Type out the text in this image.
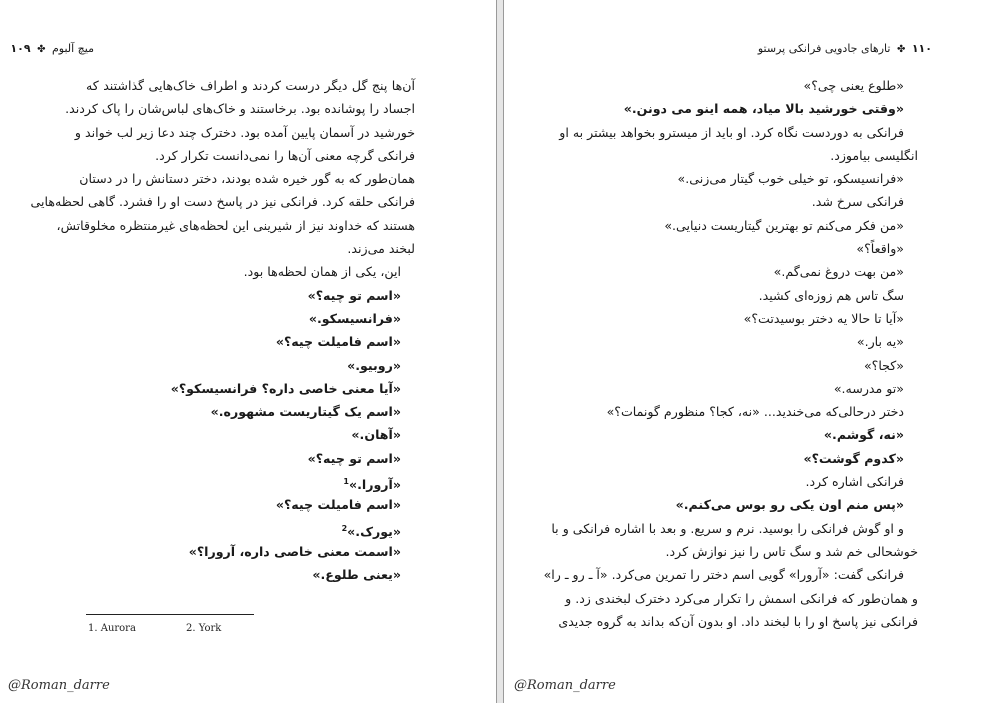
میچ آلبوم ✤ ۱۰۹
آن‌ها پنج گل دیگر درست کردند و اطراف خاک‌هایی گذاشتند که
اجساد را پوشانده بود. برخاستند و خاک‌های لباس‌شان را پاک کردند.
خورشید در آسمان پایین آمده بود. دخترک چند دعا زیر لب خواند و
فرانکی گرچه معنی آن‌ها را نمی‌دانست تکرار کرد.
همان‌طور که به گور خیره شده بودند، دختر دستانش را در دستان
فرانکی حلقه کرد. فرانکی نیز در پاسخ دست او را فشرد. گاهی لحظه‌هایی
هستند که خداوند نیز از شیرینی این لحظه‌های غیرمنتظره مخلوقاتش،
لبخند می‌زند.
این، یکی از همان لحظه‌ها بود.
«اسم تو چیه؟»
«فرانسیسکو.»
«اسم فامیلت چیه؟»
«روبیو.»
«آیا معنی خاصی داره؟ فرانسیسکو؟»
«اسم یک گیتاریست مشهوره.»
«آهان.»
«اسم تو چیه؟»
«آرورا.»$^1$
«اسم فامیلت چیه؟»
«یورک.»$^2$
«اسمت معنی خاصی داره، آرورا؟»
«یعنی طلوع.»
1. Aurora	2. York
@Roman_darre
۱۱۰ ✤ تارهای جادویی فرانکی پرستو
«طلوع یعنی چی؟»
«وقتی خورشید بالا میاد، همه اینو می دونن.»
فرانکی به دوردست نگاه کرد. او باید از میسترو بخواهد بیشتر به او
انگلیسی بیاموزد.
«فرانسیسکو، تو خیلی خوب گیتار می‌زنی.»
فرانکی سرخ شد.
«من فکر می‌کنم تو بهترین گیتاریست دنیایی.»
«واقعاً؟»
«من بهت دروغ نمی‌گم.»
سگ تاس هم زوزه‌ای کشید.
«آیا تا حالا یه دختر بوسیدتت؟»
«یه بار.»
«کجا؟»
«تو مدرسه.»
دختر درحالی‌که می‌خندید... «نه، کجا؟ منظورم گونمات؟»
«نه، گوشم.»
«کدوم گوشت؟»
فرانکی اشاره کرد.
«پس منم اون یکی رو بوس می‌کنم.»
و او گوش فرانکی را بوسید. نرم و سریع. و بعد با اشاره فرانکی و با
خوشحالی خم شد و سگ تاس را نیز نوازش کرد.
فرانکی گفت: «آرورا» گویی اسم دختر را تمرین می‌کرد. «آ ـ رو ـ را»
و همان‌طور که فرانکی اسمش را تکرار می‌کرد دخترک لبخندی زد. و
فرانکی نیز پاسخ او را با لبخند داد. او بدون آن‌که بداند به گروه جدیدی
@Roman_darre
